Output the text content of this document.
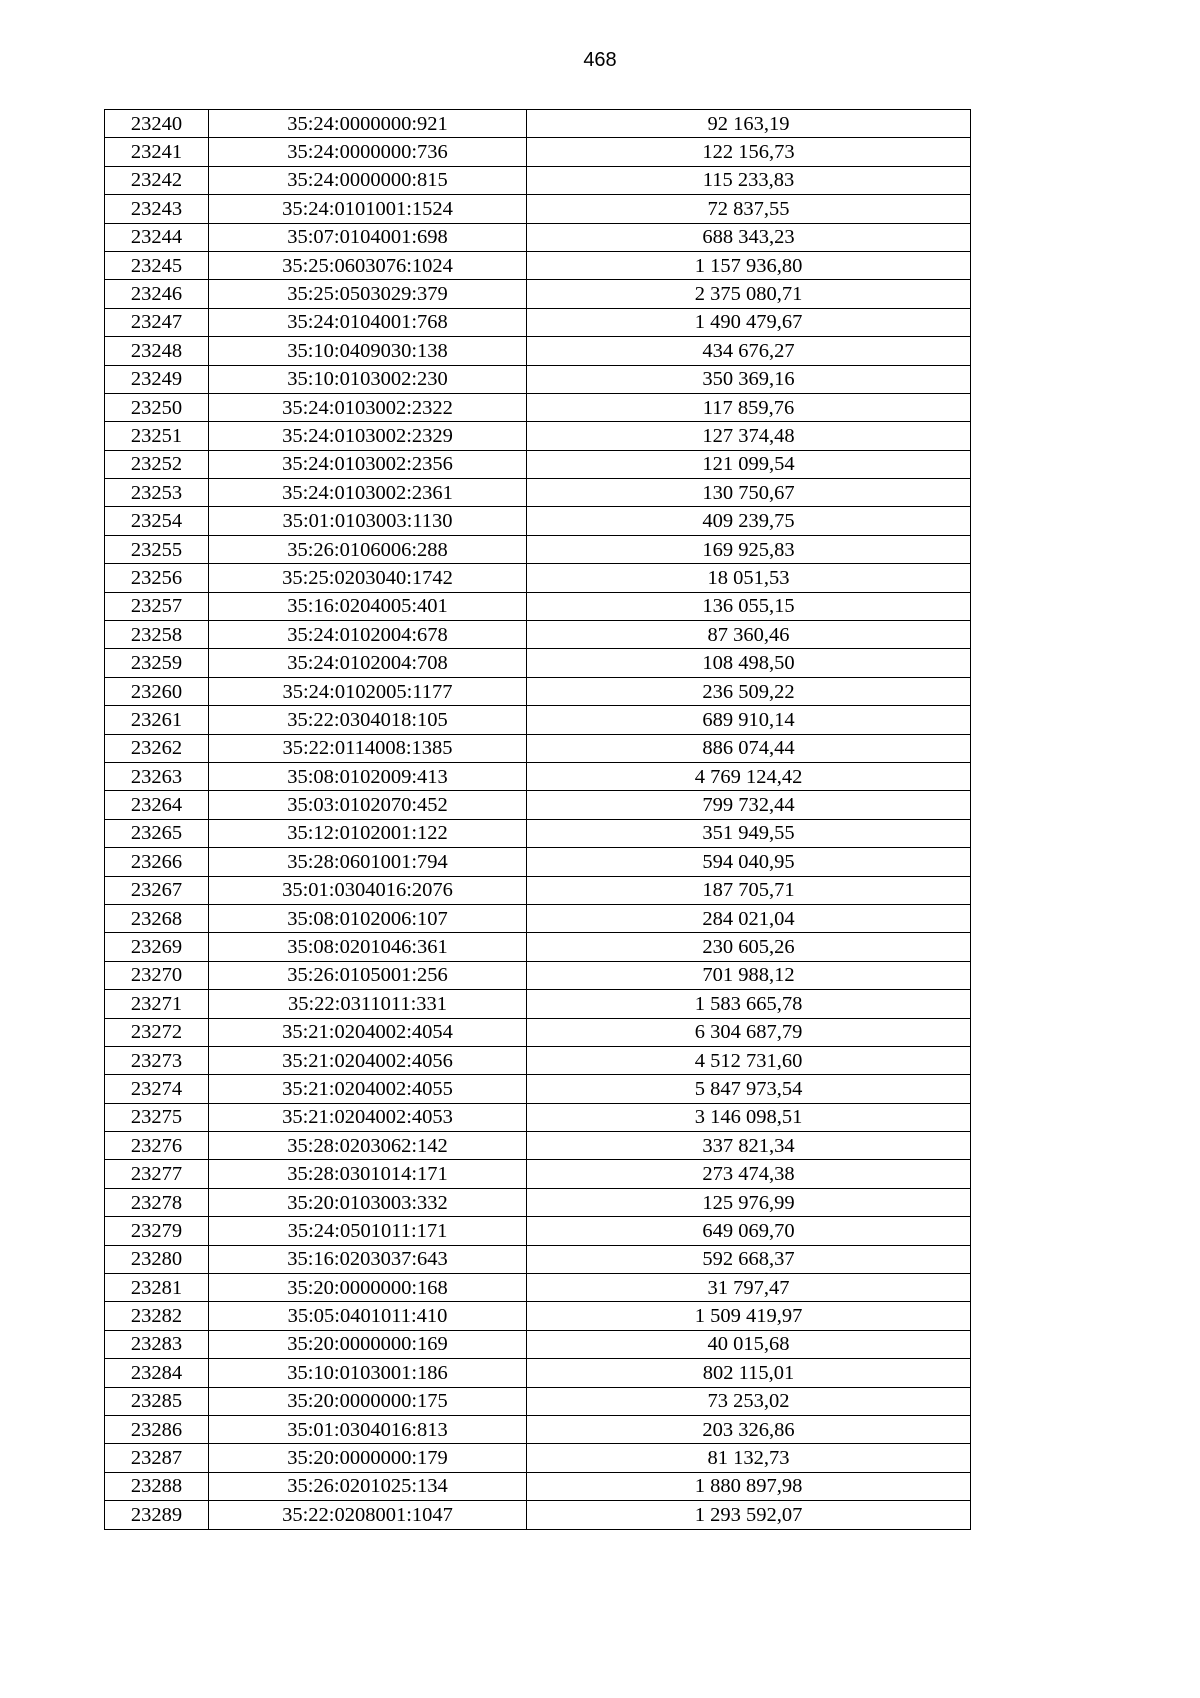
468
23240	35:24:0000000:921	92 163,19
23241	35:24:0000000:736	122 156,73
23242	35:24:0000000:815	115 233,83
23243	35:24:0101001:1524	72 837,55
23244	35:07:0104001:698	688 343,23
23245	35:25:0603076:1024	1 157 936,80
23246	35:25:0503029:379	2 375 080,71
23247	35:24:0104001:768	1 490 479,67
23248	35:10:0409030:138	434 676,27
23249	35:10:0103002:230	350 369,16
23250	35:24:0103002:2322	117 859,76
23251	35:24:0103002:2329	127 374,48
23252	35:24:0103002:2356	121 099,54
23253	35:24:0103002:2361	130 750,67
23254	35:01:0103003:1130	409 239,75
23255	35:26:0106006:288	169 925,83
23256	35:25:0203040:1742	18 051,53
23257	35:16:0204005:401	136 055,15
23258	35:24:0102004:678	87 360,46
23259	35:24:0102004:708	108 498,50
23260	35:24:0102005:1177	236 509,22
23261	35:22:0304018:105	689 910,14
23262	35:22:0114008:1385	886 074,44
23263	35:08:0102009:413	4 769 124,42
23264	35:03:0102070:452	799 732,44
23265	35:12:0102001:122	351 949,55
23266	35:28:0601001:794	594 040,95
23267	35:01:0304016:2076	187 705,71
23268	35:08:0102006:107	284 021,04
23269	35:08:0201046:361	230 605,26
23270	35:26:0105001:256	701 988,12
23271	35:22:0311011:331	1 583 665,78
23272	35:21:0204002:4054	6 304 687,79
23273	35:21:0204002:4056	4 512 731,60
23274	35:21:0204002:4055	5 847 973,54
23275	35:21:0204002:4053	3 146 098,51
23276	35:28:0203062:142	337 821,34
23277	35:28:0301014:171	273 474,38
23278	35:20:0103003:332	125 976,99
23279	35:24:0501011:171	649 069,70
23280	35:16:0203037:643	592 668,37
23281	35:20:0000000:168	31 797,47
23282	35:05:0401011:410	1 509 419,97
23283	35:20:0000000:169	40 015,68
23284	35:10:0103001:186	802 115,01
23285	35:20:0000000:175	73 253,02
23286	35:01:0304016:813	203 326,86
23287	35:20:0000000:179	81 132,73
23288	35:26:0201025:134	1 880 897,98
23289	35:22:0208001:1047	1 293 592,07
